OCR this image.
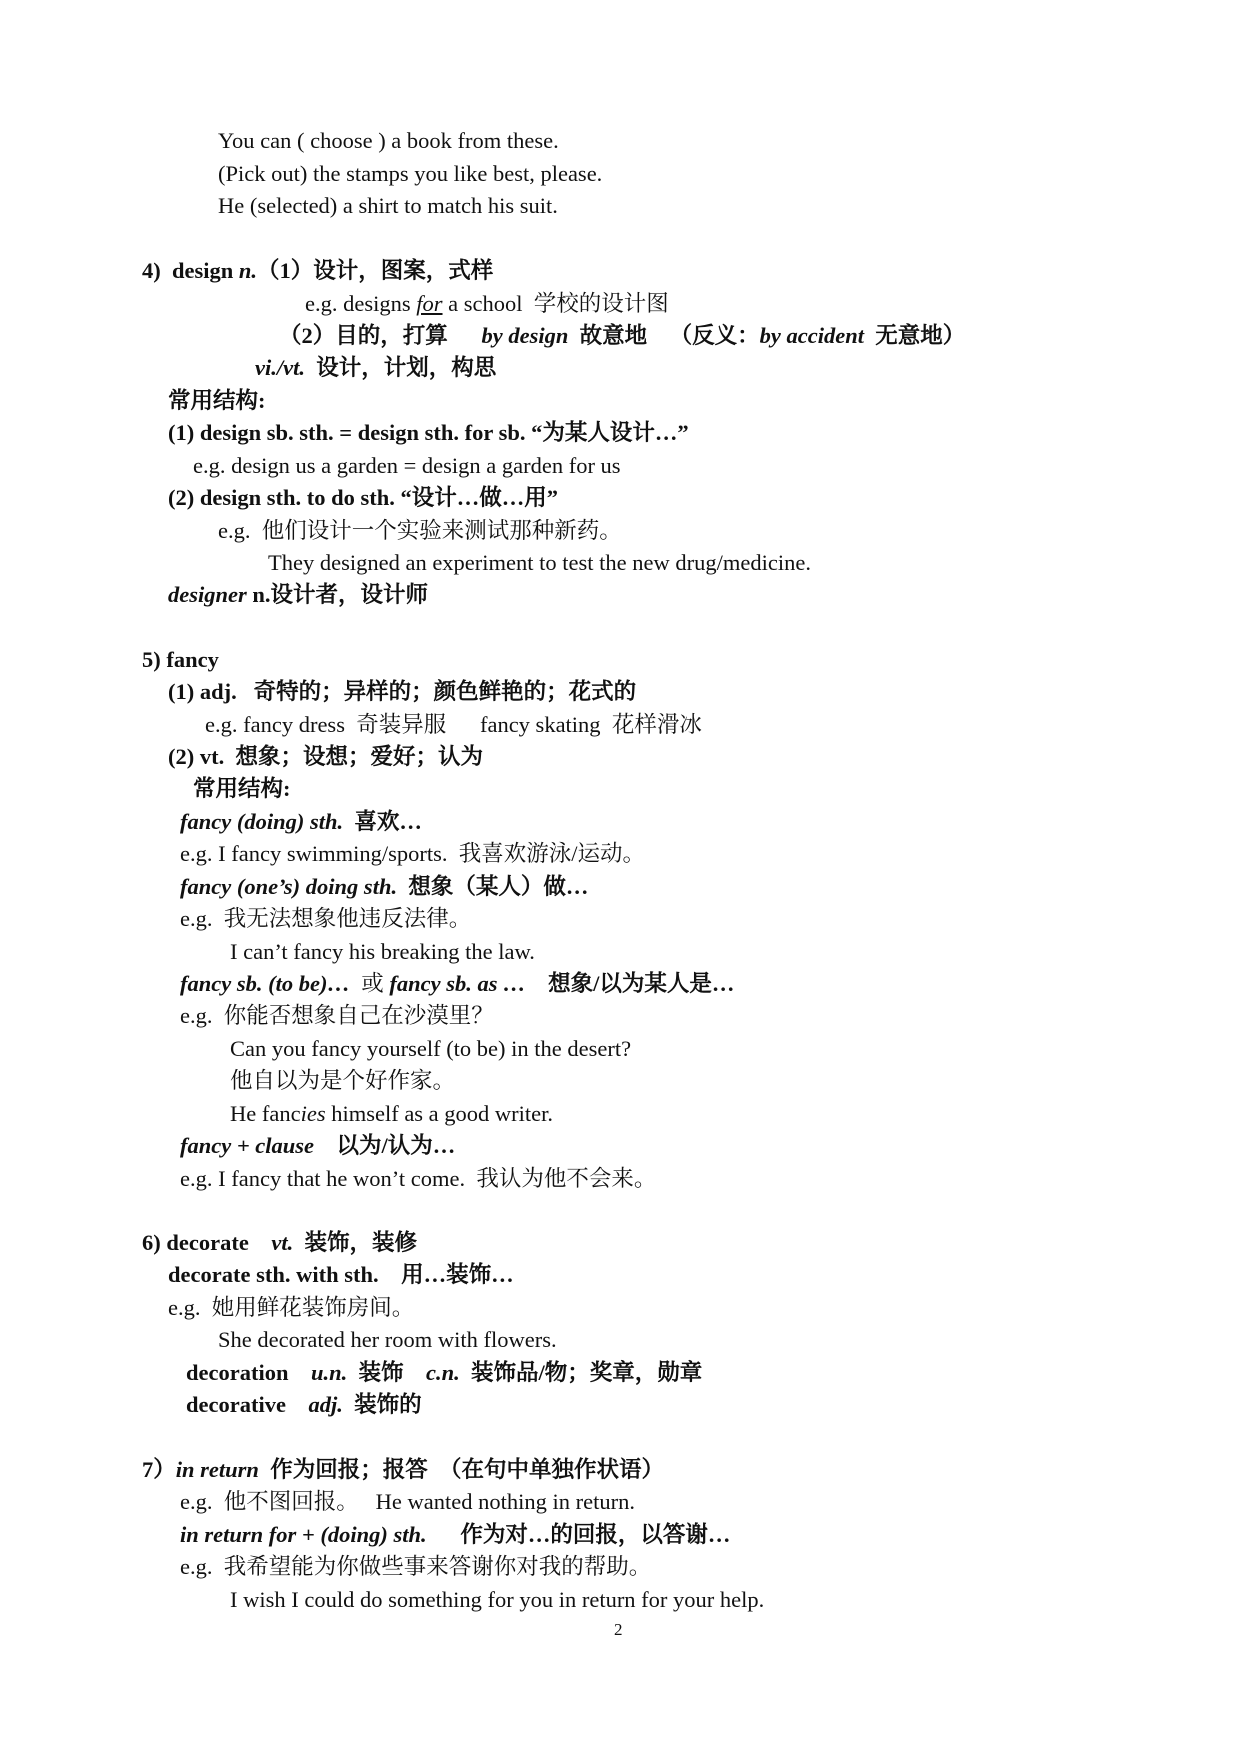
You can ( choose ) a book from these.
(Pick out) the stamps you like best, please.
He (selected) a shirt to match his suit.
4) design n.（1）设计，图案，式样
e.g. designs for a school 学校的设计图
（2）目的，打算 by design 故意地 （反义：by accident 无意地）
vi./vt. 设计，计划，构思
常用结构:
(1) design sb. sth. = design sth. for sb. “为某人设计…”
e.g. design us a garden = design a garden for us
(2) design sth. to do sth. “设计…做…用”
e.g. 他们设计一个实验来测试那种新药。
They designed an experiment to test the new drug/medicine.
designer n.设计者，设计师
5) fancy
(1) adj. 奇特的；异样的；颜色鲜艳的；花式的
e.g. fancy dress 奇装异服 fancy skating 花样滑冰
(2) vt. 想象；设想；爱好；认为
常用结构:
fancy (doing) sth. 喜欢…
e.g. I fancy swimming/sports. 我喜欢游泳/运动。
fancy (one’s) doing sth. 想象（某人）做…
e.g. 我无法想象他违反法律。
I can’t fancy his breaking the law.
fancy sb. (to be)… 或 fancy sb. as … 想象/以为某人是…
e.g. 你能否想象自己在沙漠里？
Can you fancy yourself (to be) in the desert?
他自以为是个好作家。
He fancies himself as a good writer.
fancy + clause 以为/认为…
e.g. I fancy that he won’t come. 我认为他不会来。
6) decorate vt. 装饰，装修
decorate sth. with sth. 用…装饰…
e.g. 她用鲜花装饰房间。
She decorated her room with flowers.
decoration u.n. 装饰 c.n. 装饰品/物；奖章，勋章
decorative adj. 装饰的
7）in return 作为回报；报答 （在句中单独作状语）
e.g. 他不图回报。 He wanted nothing in return.
in return for + (doing) sth. 作为对…的回报，以答谢…
e.g. 我希望能为你做些事来答谢你对我的帮助。
I wish I could do something for you in return for your help.
2
